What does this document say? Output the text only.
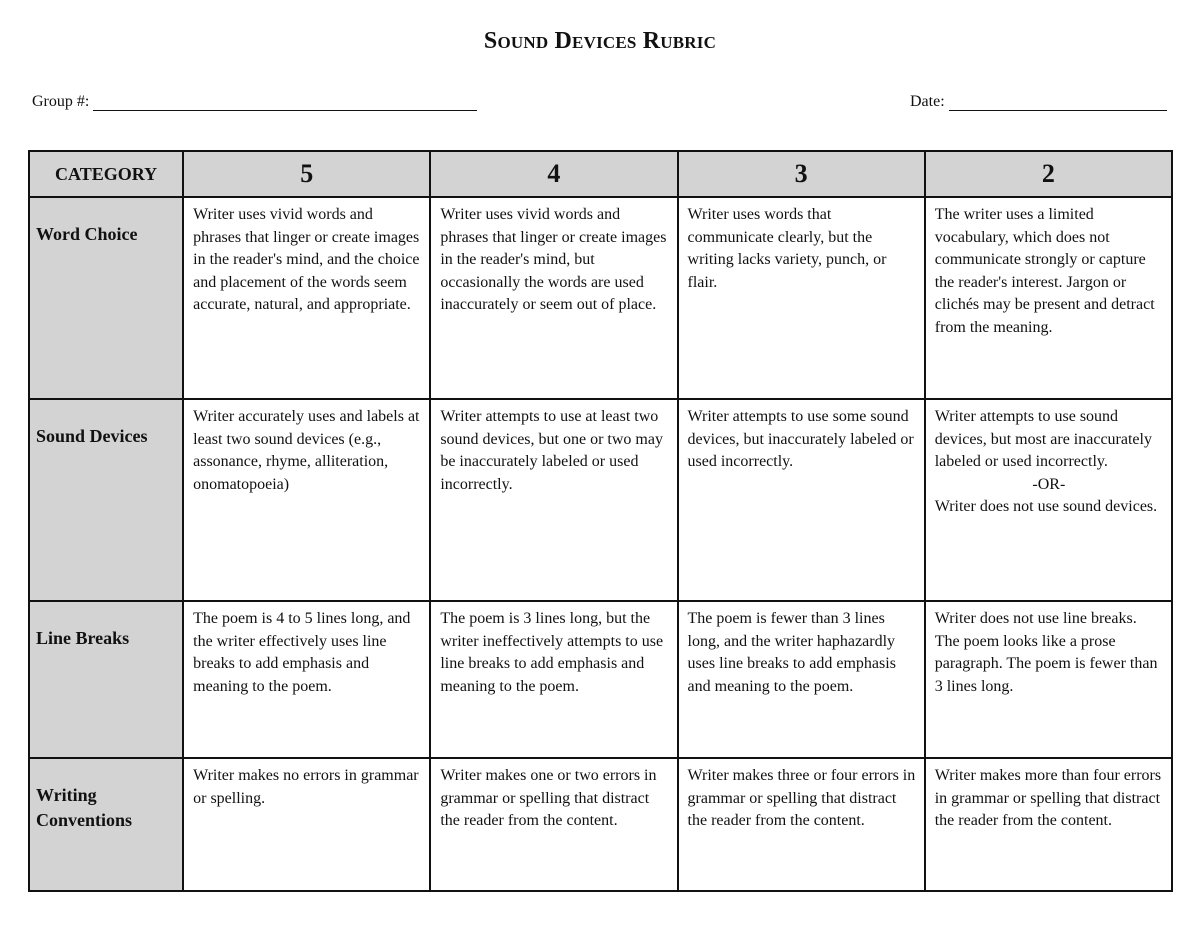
Sound Devices Rubric
Group #:	Date:
CATEGORY	5	4	3	2
Word Choice	Writer uses vivid words and phrases that linger or create images in the reader's mind, and the choice and placement of the words seem accurate, natural, and appropriate.	Writer uses vivid words and phrases that linger or create images in the reader's mind, but occasionally the words are used inaccurately or seem out of place.	Writer uses words that communicate clearly, but the writing lacks variety, punch, or flair.	The writer uses a limited vocabulary, which does not communicate strongly or capture the reader's interest. Jargon or clichés may be present and detract from the meaning.
Sound Devices	Writer accurately uses and labels at least two sound devices (e.g., assonance, rhyme, alliteration, onomatopoeia)	Writer attempts to use at least two sound devices, but one or two may be inaccurately labeled or used incorrectly.	Writer attempts to use some sound devices, but inaccurately labeled or used incorrectly.	Writer attempts to use sound devices, but most are inaccurately labeled or used incorrectly.
-OR-
Writer does not use sound devices.
Line Breaks	The poem is 4 to 5 lines long, and the writer effectively uses line breaks to add emphasis and meaning to the poem.	The poem is 3 lines long, but the writer ineffectively attempts to use line breaks to add emphasis and meaning to the poem.	The poem is fewer than 3 lines long, and the writer haphazardly uses line breaks to add emphasis and meaning to the poem.	Writer does not use line breaks. The poem looks like a prose paragraph. The poem is fewer than 3 lines long.
Writing Conventions	Writer makes no errors in grammar or spelling.	Writer makes one or two errors in grammar or spelling that distract the reader from the content.	Writer makes three or four errors in grammar or spelling that distract the reader from the content.	Writer makes more than four errors in grammar or spelling that distract the reader from the content.
